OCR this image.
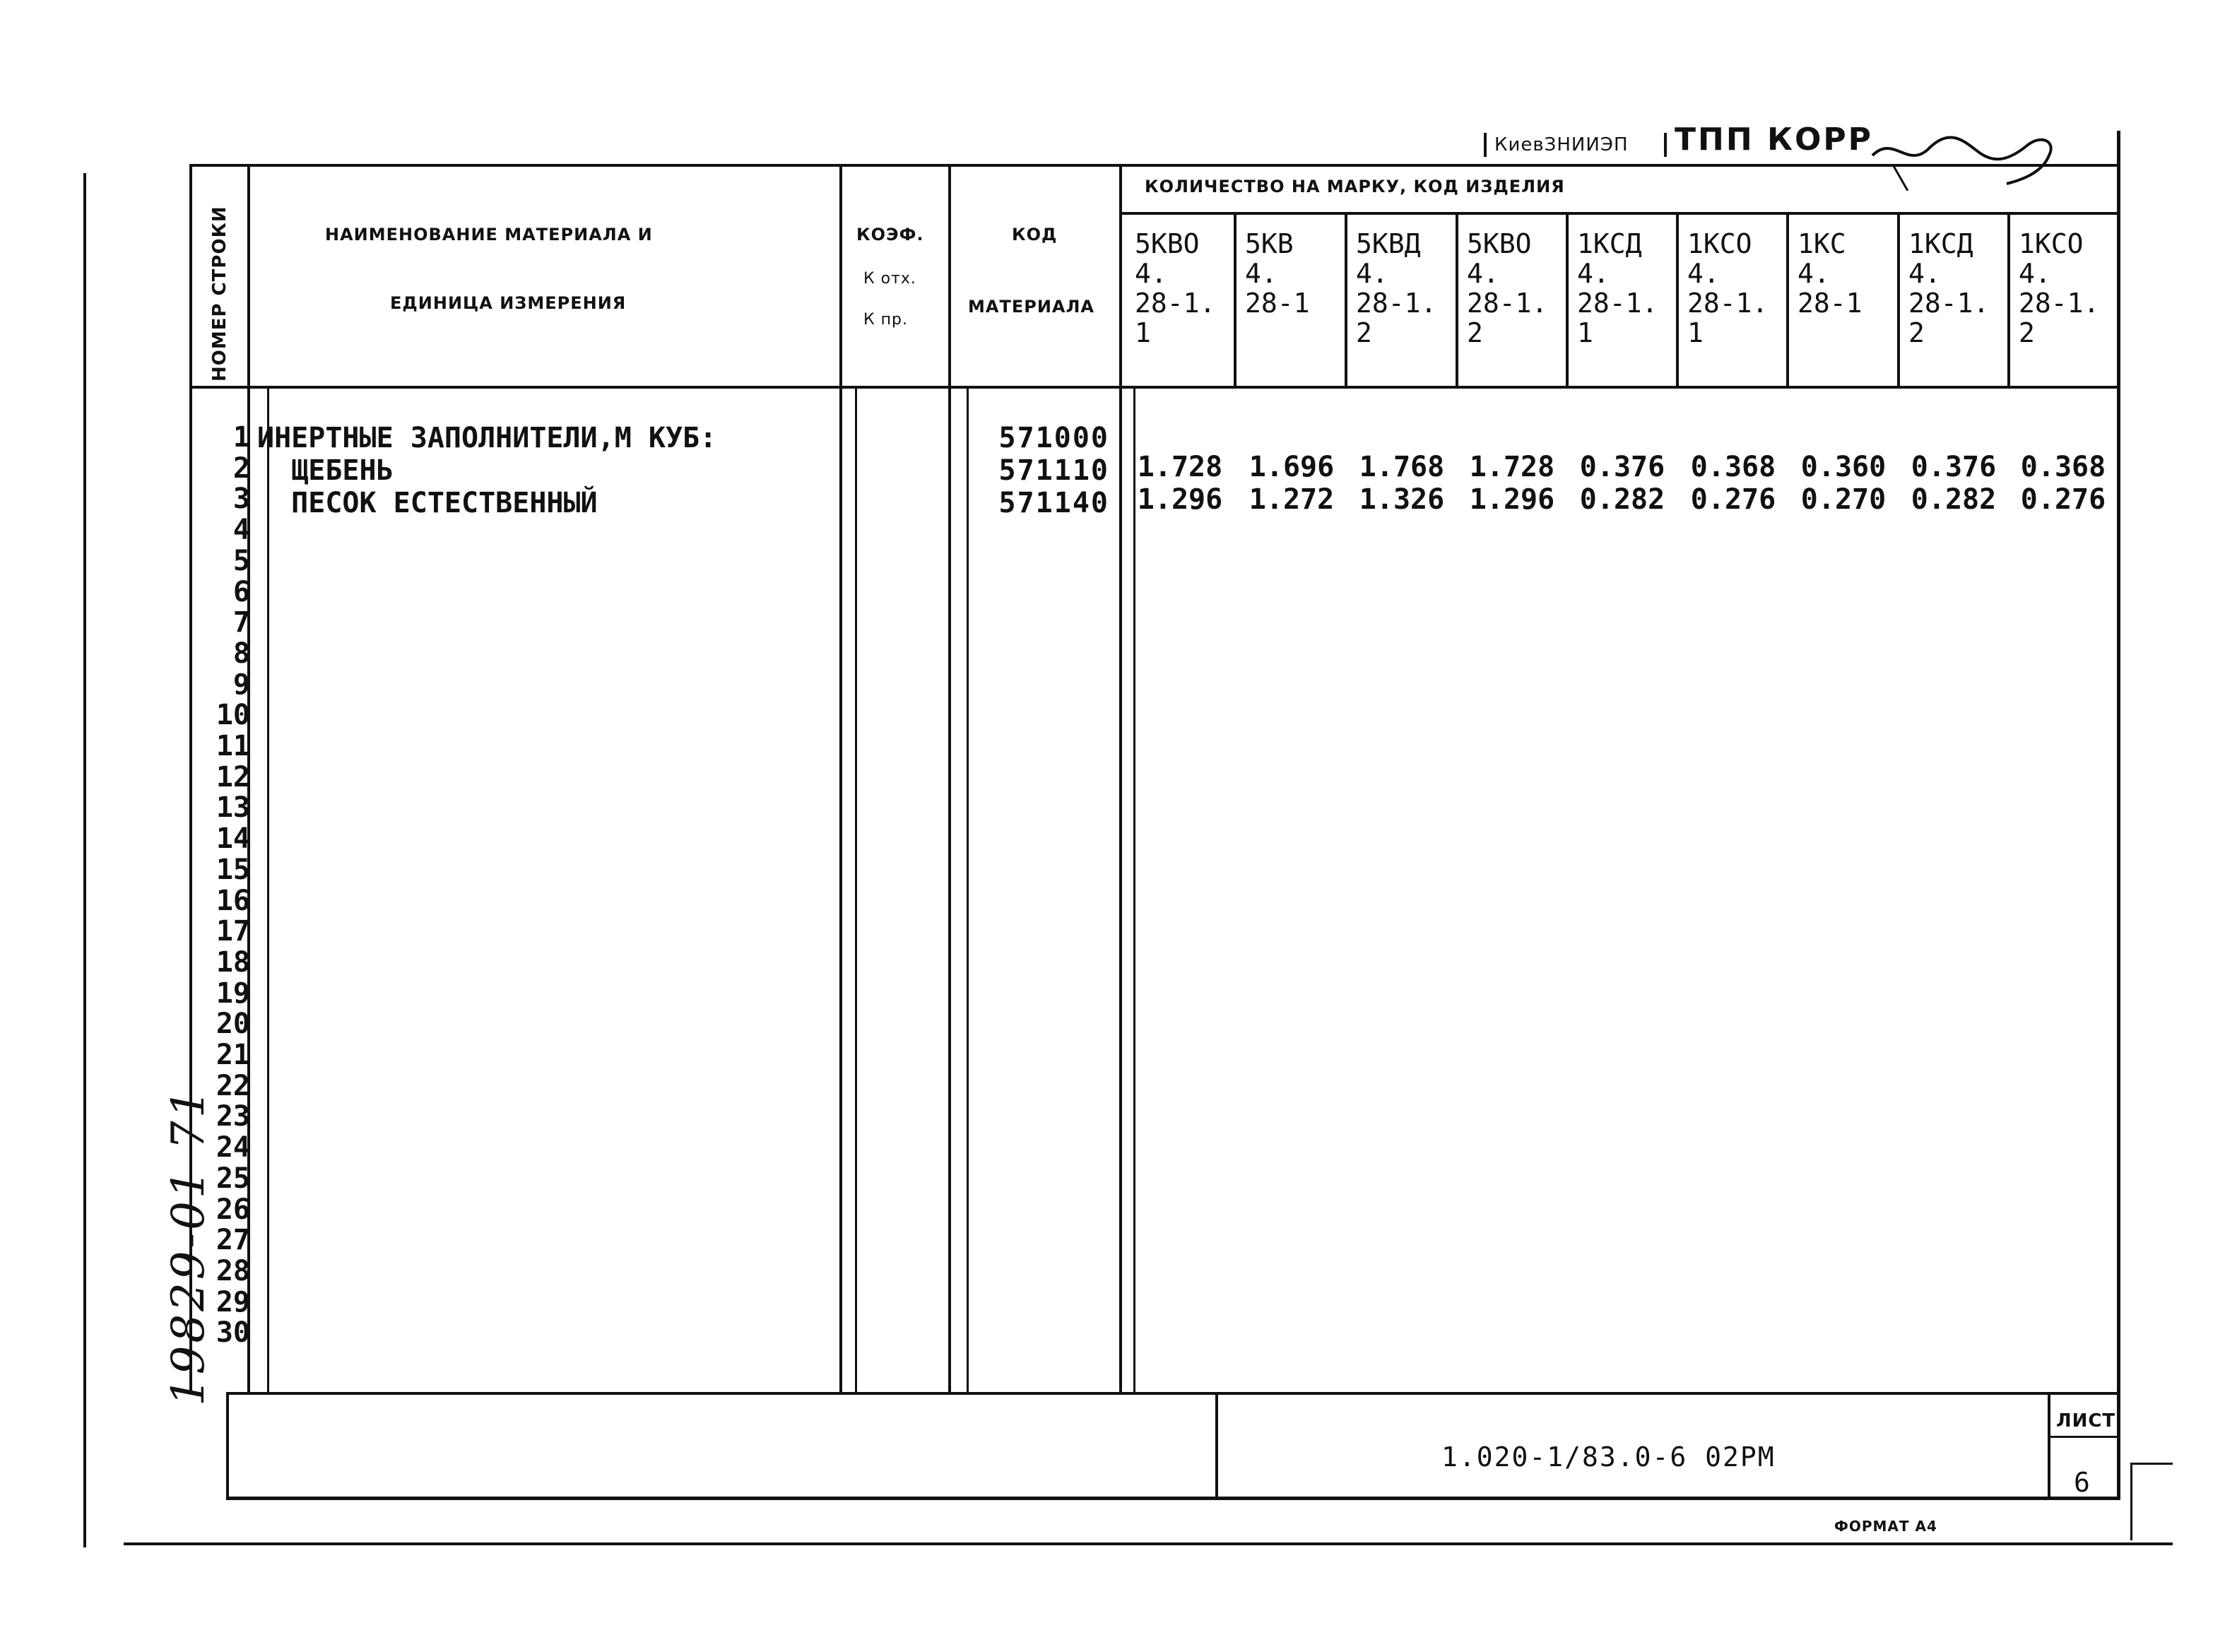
КиевЗНИИЭП ТПП КОРР
НОМЕР СТРОКИ	НАИМЕНОВАНИЕ МАТЕРИАЛА И
ЕДИНИЦА ИЗМЕРЕНИЯ
КОЭФ.
К отх.
К пр.
КОД
МАТЕРИАЛА
КОЛИЧЕСТВО НА МАРКУ, КОД ИЗДЕЛИЯ
5КВО
4.
28-1.
1
5КВ
4.
28-1
5КВД
4.
28-1.
2
5КВО
4.
28-1.
2
1КСД
4.
28-1.
1
1КСО
4.
28-1.
1
1КС
4.
28-1
1КСД
4.
28-1.
2
1КСО
4.
28-1.
2
1
2
3
4
5
6
7
8
9
10
11
12
13
14
15
16
17
18
19
20
21
22
23
24
25
26
27
28
29
30
ИНЕРТНЫЕ ЗАПОЛНИТЕЛИ,М КУБ:
ЩЕБЕНЬ
ПЕСОК ЕСТЕСТВЕННЫЙ
571000
571110
571140
1.728 1.696 1.768 1.728 0.376 0.368 0.360 0.376 0.368
1.296 1.272 1.326 1.296 0.282 0.276 0.270 0.282 0.276
1.020-1/83.0-6 02РМ
ЛИСТ
6
ФОРМАТ А4
19829-01 71
